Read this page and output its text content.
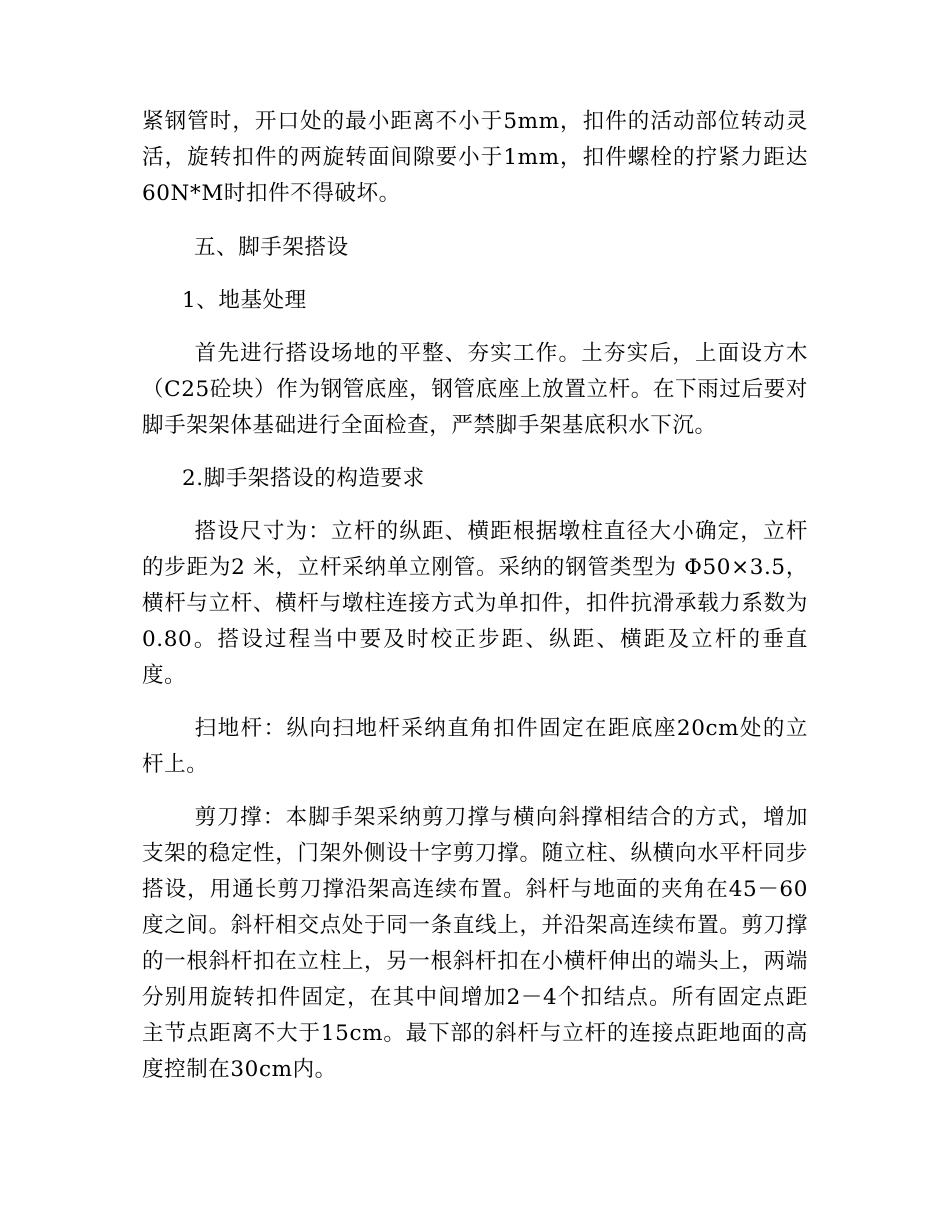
紧钢管时，开口处的最小距离不小于5mm，扣件的活动部位转动灵活，旋转扣件的两旋转面间隙要小于1mm，扣件螺栓的拧紧力距达60N*M时扣件不得破坏。

五、脚手架搭设

1、地基处理

首先进行搭设场地的平整、夯实工作。土夯实后，上面设方木（C25砼块）作为钢管底座，钢管底座上放置立杆。在下雨过后要对脚手架架体基础进行全面检查，严禁脚手架基底积水下沉。

2.脚手架搭设的构造要求

搭设尺寸为：立杆的纵距、横距根据墩柱直径大小确定，立杆的步距为2 米，立杆采纳单立刚管。采纳的钢管类型为 Φ50×3.5，横杆与立杆、横杆与墩柱连接方式为单扣件，扣件抗滑承载力系数为0.80。搭设过程当中要及时校正步距、纵距、横距及立杆的垂直度。

扫地杆：纵向扫地杆采纳直角扣件固定在距底座20cm处的立杆上。

剪刀撑：本脚手架采纳剪刀撑与横向斜撑相结合的方式，增加支架的稳定性，门架外侧设十字剪刀撑。随立柱、纵横向水平杆同步搭设，用通长剪刀撑沿架高连续布置。斜杆与地面的夹角在45－60度之间。斜杆相交点处于同一条直线上，并沿架高连续布置。剪刀撑的一根斜杆扣在立柱上，另一根斜杆扣在小横杆伸出的端头上，两端分别用旋转扣件固定，在其中间增加2－4个扣结点。所有固定点距主节点距离不大于15cm。最下部的斜杆与立杆的连接点距地面的高度控制在30cm内。
